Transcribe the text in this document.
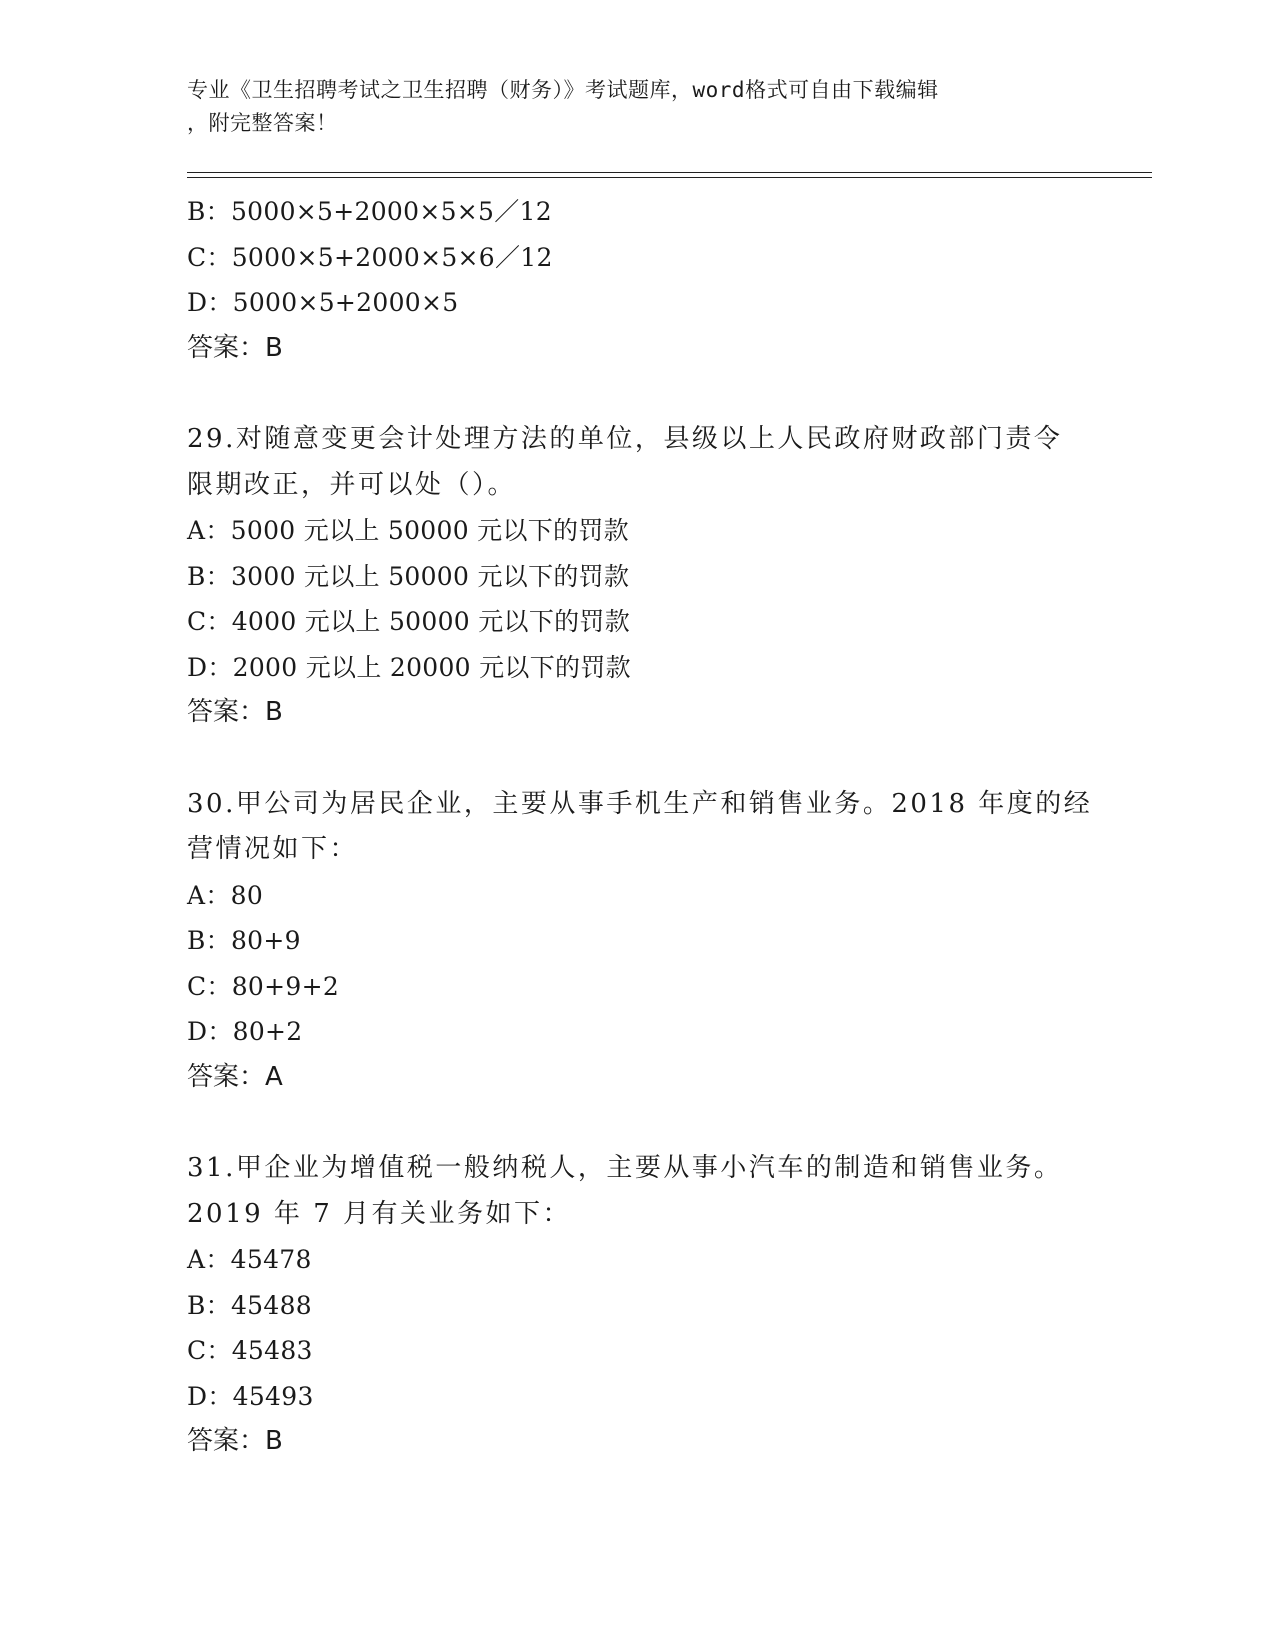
专业《卫生招聘考试之卫生招聘（财务）》考试题库，word格式可自由下载编辑
，附完整答案！
B：5000×5+2000×5×5／12
C：5000×5+2000×5×6／12
D：5000×5+2000×5
答案：B
29.对随意变更会计处理方法的单位，县级以上人民政府财政部门责令
限期改正，并可以处（）。
A：5000 元以上 50000 元以下的罚款
B：3000 元以上 50000 元以下的罚款
C：4000 元以上 50000 元以下的罚款
D：2000 元以上 20000 元以下的罚款
答案：B
30.甲公司为居民企业，主要从事手机生产和销售业务。2018 年度的经
营情况如下：
A：80
B：80+9
C：80+9+2
D：80+2
答案：A
31.甲企业为增值税一般纳税人，主要从事小汽车的制造和销售业务。
2019 年 7 月有关业务如下：
A：45478
B：45488
C：45483
D：45493
答案：B
